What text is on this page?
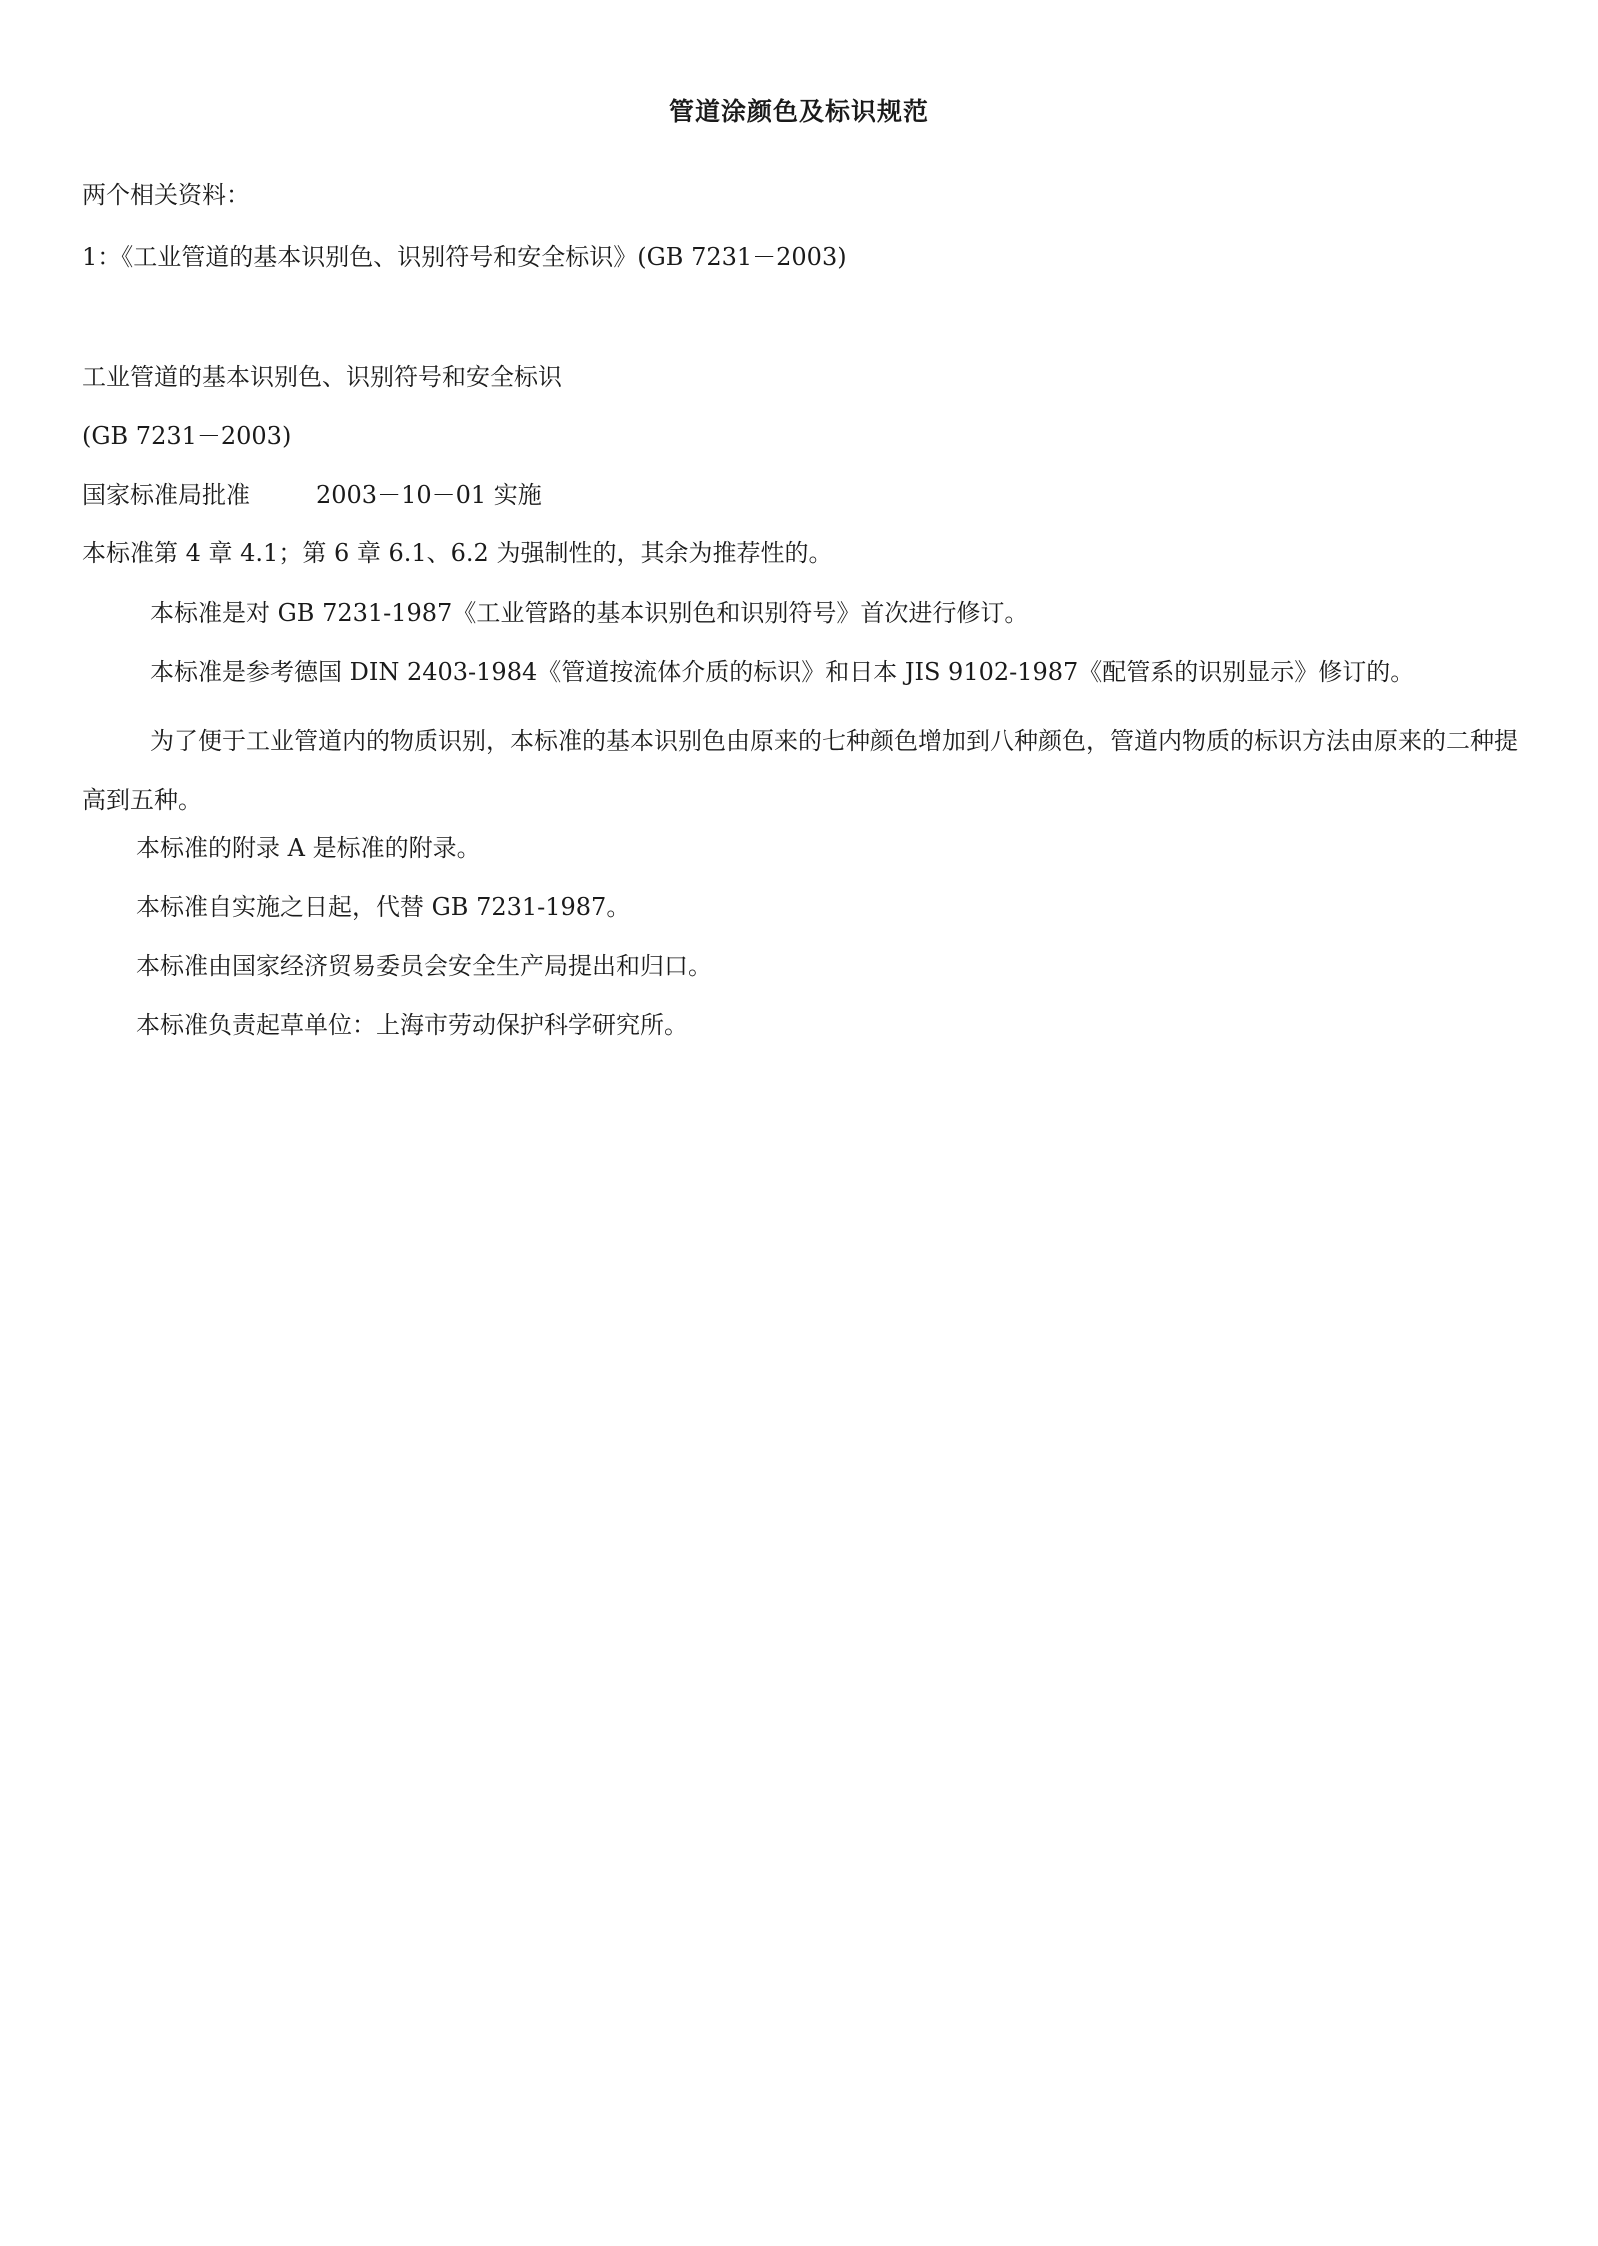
管道涂颜色及标识规范
两个相关资料：
1：《工业管道的基本识别色、识别符号和安全标识》(GB 7231－2003)
工业管道的基本识别色、识别符号和安全标识
(GB 7231－2003)
国家标准局批准	2003－10－01 实施
本标准第 4 章 4.1；第 6 章 6.1、6.2 为强制性的，其余为推荐性的。
本标准是对 GB 7231-1987《工业管路的基本识别色和识别符号》首次进行修订。
本标准是参考德国 DIN 2403-1984《管道按流体介质的标识》和日本 JIS 9102-1987《配管系的识别显示》修订的。
为了便于工业管道内的物质识别，本标准的基本识别色由原来的七种颜色增加到八种颜色，管道内物质的标识方法由原来的二种提高到五种。
本标准的附录 A 是标准的附录。
本标准自实施之日起，代替 GB 7231-1987。
本标准由国家经济贸易委员会安全生产局提出和归口。
本标准负责起草单位：上海市劳动保护科学研究所。
